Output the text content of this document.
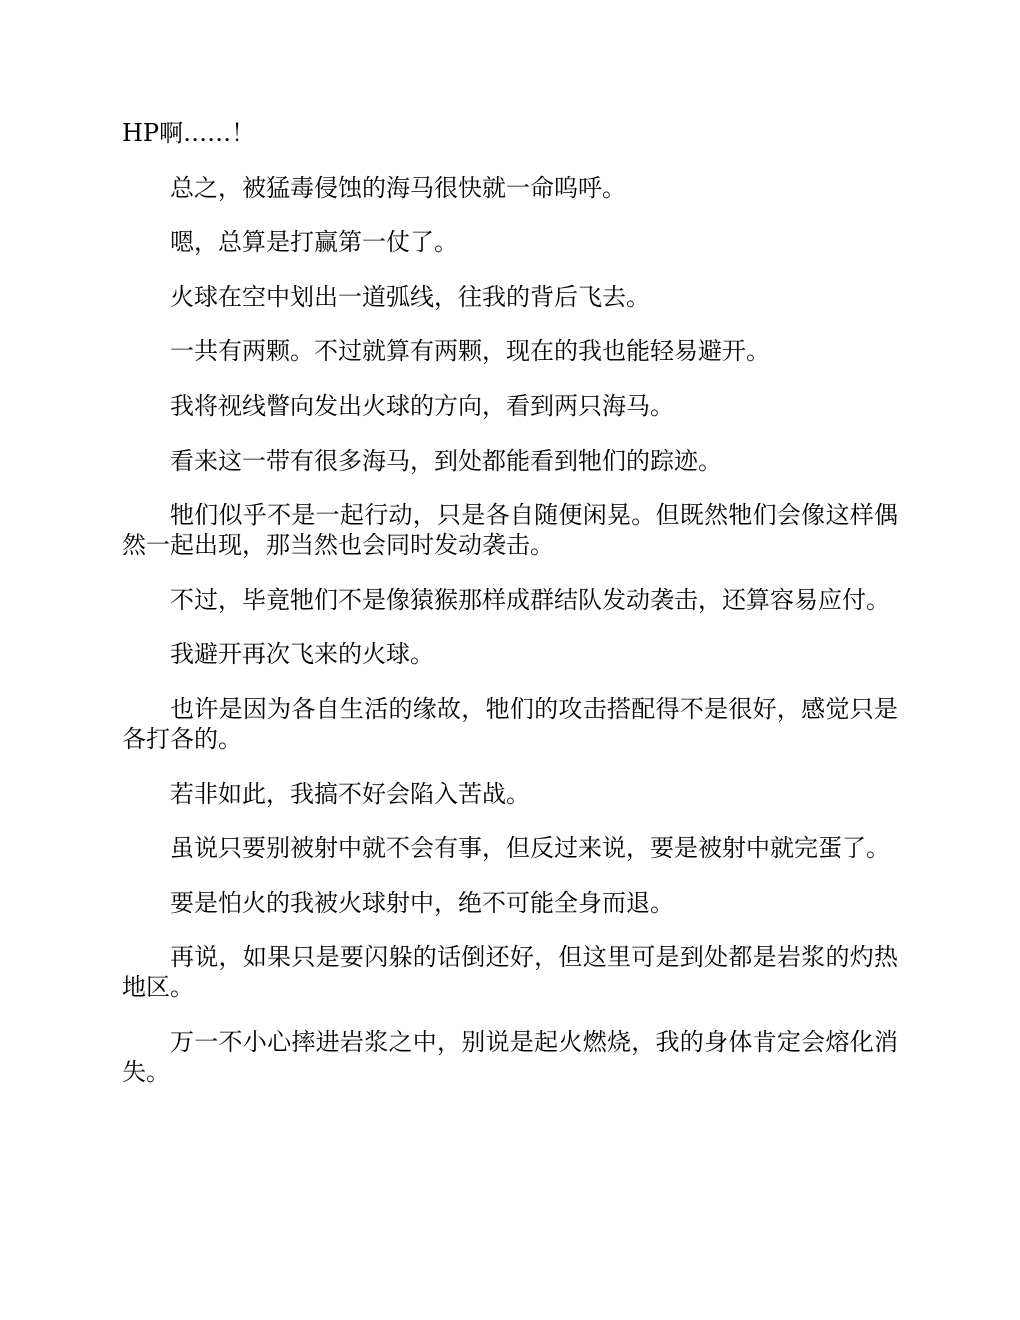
HP啊……！

总之，被猛毒侵蚀的海马很快就一命呜呼。

嗯，总算是打赢第一仗了。

火球在空中划出一道弧线，往我的背后飞去。

一共有两颗。不过就算有两颗，现在的我也能轻易避开。

我将视线瞥向发出火球的方向，看到两只海马。

看来这一带有很多海马，到处都能看到牠们的踪迹。

牠们似乎不是一起行动，只是各自随便闲晃。但既然牠们会像这样偶然一起出现，那当然也会同时发动袭击。

不过，毕竟牠们不是像猿猴那样成群结队发动袭击，还算容易应付。

我避开再次飞来的火球。

也许是因为各自生活的缘故，牠们的攻击搭配得不是很好，感觉只是各打各的。

若非如此，我搞不好会陷入苦战。

虽说只要别被射中就不会有事，但反过来说，要是被射中就完蛋了。

要是怕火的我被火球射中，绝不可能全身而退。

再说，如果只是要闪躲的话倒还好，但这里可是到处都是岩浆的灼热地区。

万一不小心摔进岩浆之中，别说是起火燃烧，我的身体肯定会熔化消失。
